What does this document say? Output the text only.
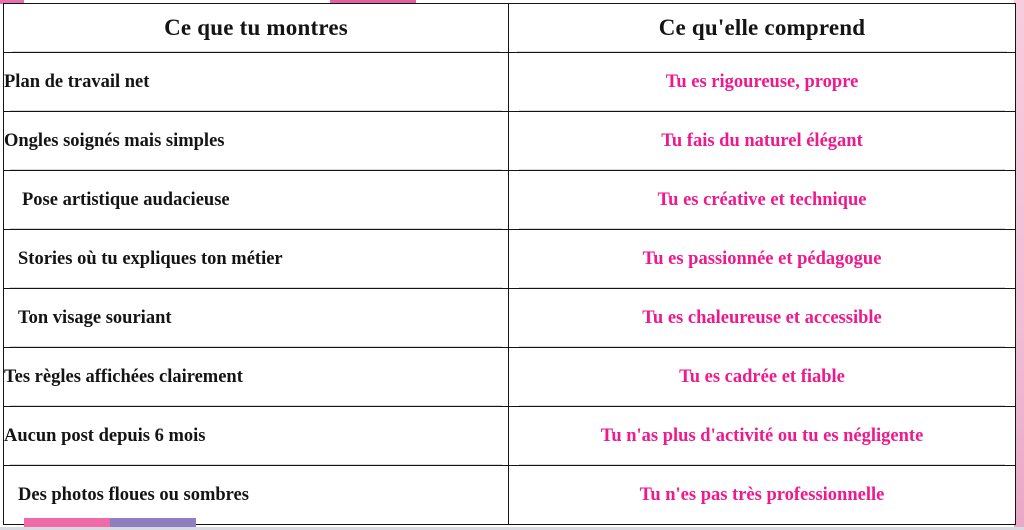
Ce que tu montres	Ce qu'elle comprend

Plan de travail net	Tu es rigoureuse, propre

Ongles soignés mais simples	Tu fais du naturel élégant

Pose artistique audacieuse	Tu es créative et technique

Stories où tu expliques ton métier	Tu es passionnée et pédagogue

Ton visage souriant	Tu es chaleureuse et accessible

Tes règles affichées clairement	Tu es cadrée et fiable

Aucun post depuis 6 mois	Tu n'as plus d'activité ou tu es négligente

Des photos floues ou sombres	Tu n'es pas très professionnelle
